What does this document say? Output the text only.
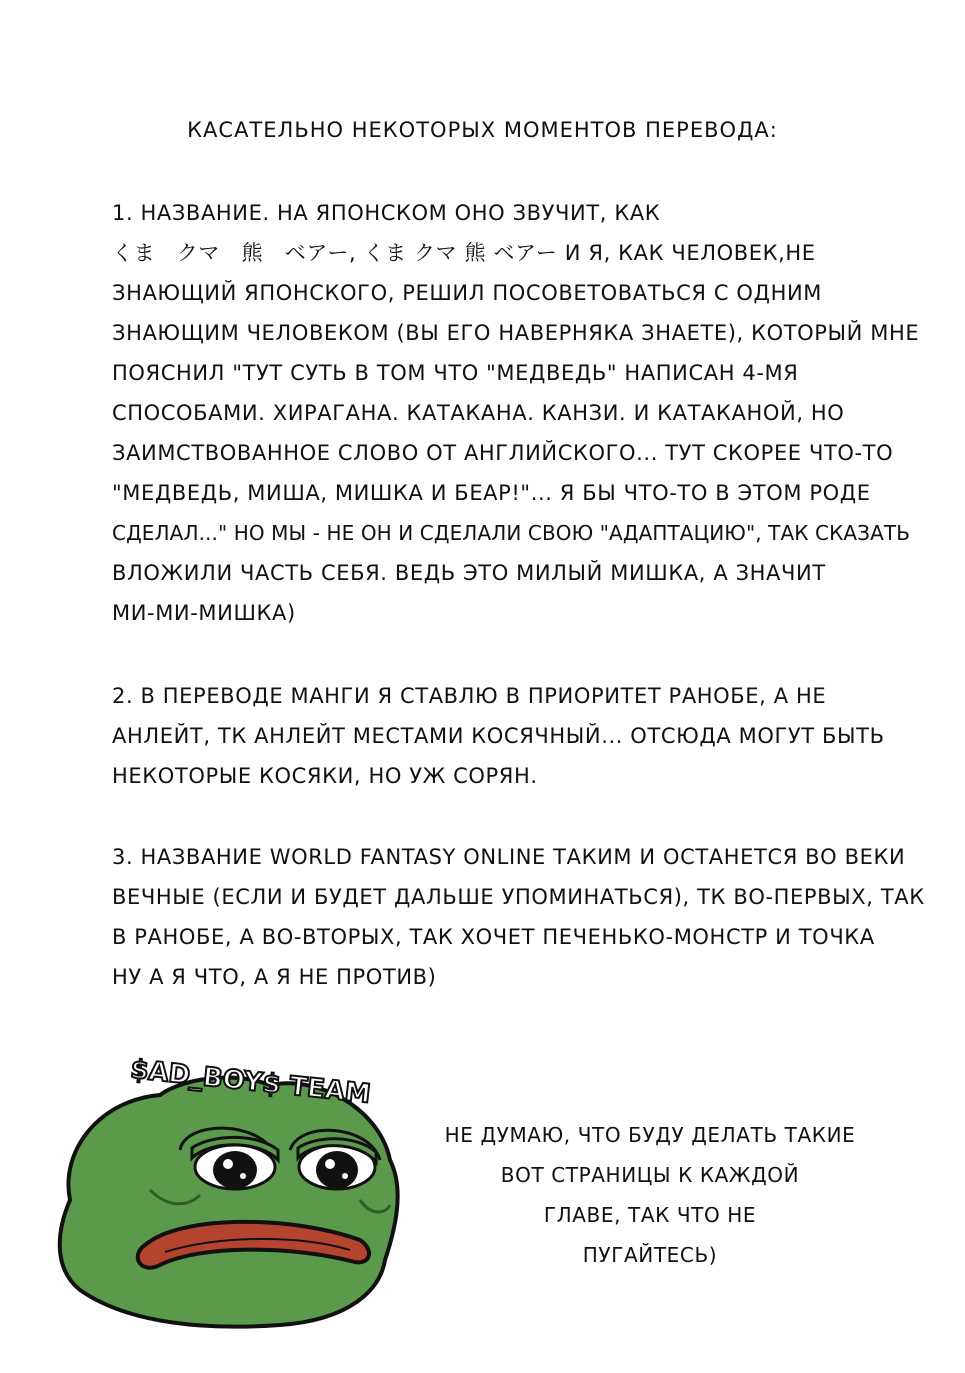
КАСАТЕЛЬНО НЕКОТОРЫХ МОМЕНТОВ ПЕРЕВОДА:
1. НАЗВАНИЕ. НА ЯПОНСКОМ ОНО ЗВУЧИТ, КАК
くま　クマ　熊　ベアー, くま クマ 熊 ベアー И Я, КАК ЧЕЛОВЕК,НЕ
ЗНАЮЩИЙ ЯПОНСКОГО, РЕШИЛ ПОСОВЕТОВАТЬСЯ С ОДНИМ
ЗНАЮЩИМ ЧЕЛОВЕКОМ (ВЫ ЕГО НАВЕРНЯКА ЗНАЕТЕ), КОТОРЫЙ МНЕ
ПОЯСНИЛ "ТУТ СУТЬ В ТОМ ЧТО "МЕДВЕДЬ" НАПИСАН 4-МЯ
СПОСОБАМИ. ХИРАГАНА. КАТАКАНА. КАНЗИ. И КАТАКАНОЙ, НО
ЗАИМСТВОВАННОЕ СЛОВО ОТ АНГЛИЙСКОГО... ТУТ СКОРЕЕ ЧТО-ТО
"МЕДВЕДЬ, МИША, МИШКА И БЕАР!"... Я БЫ ЧТО-ТО В ЭТОМ РОДЕ
СДЕЛАЛ..." НО МЫ - НЕ ОН И СДЕЛАЛИ СВОЮ "АДАПТАЦИЮ", ТАК СКАЗАТЬ
ВЛОЖИЛИ ЧАСТЬ СЕБЯ. ВЕДЬ ЭТО МИЛЫЙ МИШКА, А ЗНАЧИТ
МИ-МИ-МИШКА)
2. В ПЕРЕВОДЕ МАНГИ Я СТАВЛЮ В ПРИОРИТЕТ РАНОБЕ, А НЕ
АНЛЕЙТ, ТК АНЛЕЙТ МЕСТАМИ КОСЯЧНЫЙ... ОТСЮДА МОГУТ БЫТЬ
НЕКОТОРЫЕ КОСЯКИ, НО УЖ СОРЯН.
3. НАЗВАНИЕ WORLD FANTASY ONLINE ТАКИМ И ОСТАНЕТСЯ ВО ВЕКИ
ВЕЧНЫЕ (ЕСЛИ И БУДЕТ ДАЛЬШЕ УПОМИНАТЬСЯ), ТК ВО-ПЕРВЫХ, ТАК
В РАНОБЕ, А ВО-ВТОРЫХ, ТАК ХОЧЕТ ПЕЧЕНЬКО-МОНСТР И ТОЧКА
НУ А Я ЧТО, А Я НЕ ПРОТИВ)
$AD_BOY$ TEAM
НЕ ДУМАЮ, ЧТО БУДУ ДЕЛАТЬ ТАКИЕ
ВОТ СТРАНИЦЫ К КАЖДОЙ
ГЛАВЕ, ТАК ЧТО НЕ
ПУГАЙТЕСЬ)
